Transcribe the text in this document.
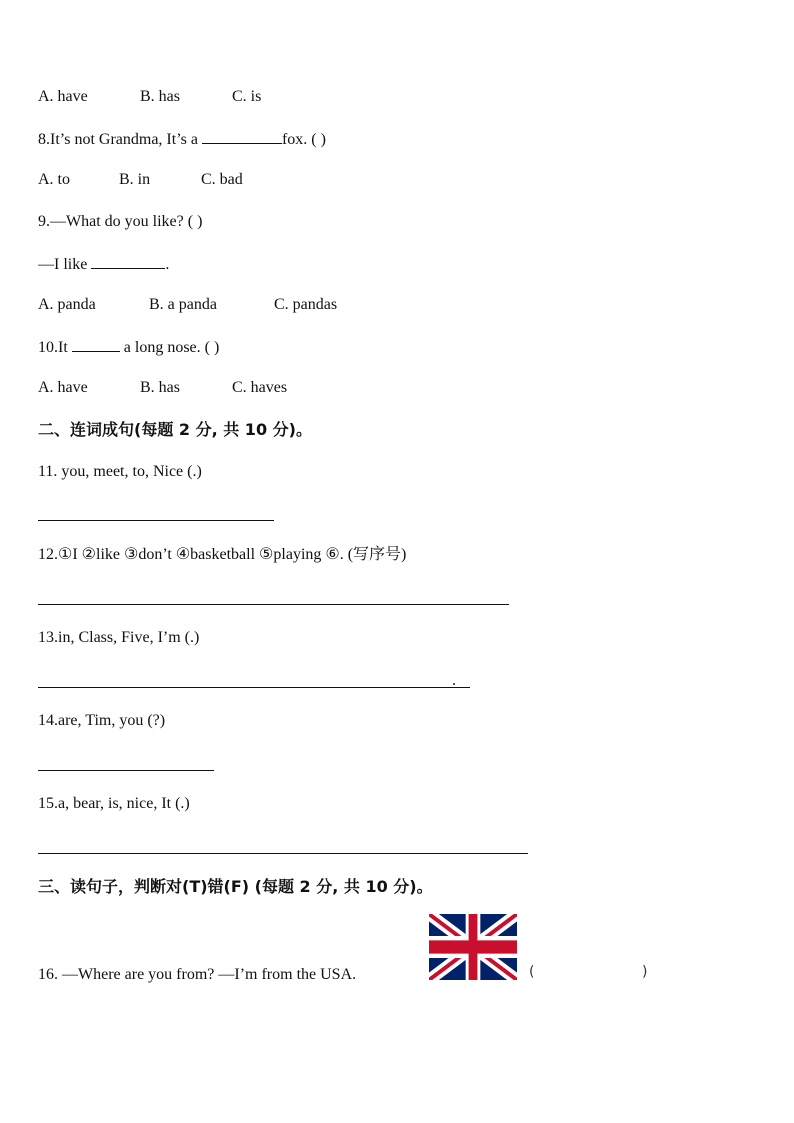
A. have	B. has	C. is
8.It’s not Grandma, It’s a	fox. ( )
A. to	B. in	C. bad
9.—What do you like? ( )
—I like	.
A. panda	B. a panda	C. pandas
10.It	a long nose. ( )
A. have	B. has	C. haves
二、连词成句(每题 2 分, 共 10 分)。
11. you, meet, to, Nice (.)
12.①I ②like ③don’t ④basketball ⑤playing ⑥. (写序号)
13.in, Class, Five, I’m (.)
.
14.are, Tim, you (?)
15.a, bear, is, nice, It (.)
三、读句子，判断对(T)错(F) (每题 2 分, 共 10 分)。
16. —Where are you from? —I’m from the USA.	(	)
